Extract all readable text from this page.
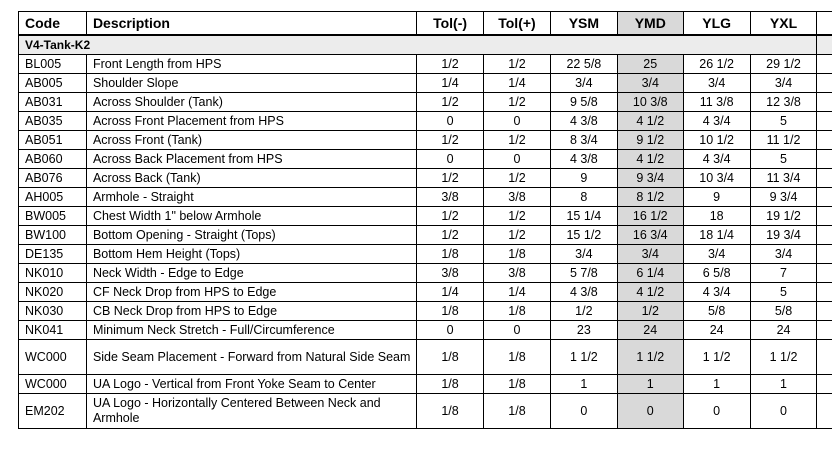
Code	Description	Tol(-)	Tol(+)	YSM	YMD	YLG	YXL	
V4-Tank-K2								
BL005	Front Length from HPS	1/2	1/2	22 5/8	25	26 1/2	29 1/2	
AB005	Shoulder Slope	1/4	1/4	3/4	3/4	3/4	3/4	
AB031	Across Shoulder (Tank)	1/2	1/2	9 5/8	10 3/8	11 3/8	12 3/8	
AB035	Across Front Placement from HPS	0	0	4 3/8	4 1/2	4 3/4	5	
AB051	Across Front (Tank)	1/2	1/2	8 3/4	9 1/2	10 1/2	11 1/2	
AB060	Across Back Placement from HPS	0	0	4 3/8	4 1/2	4 3/4	5	
AB076	Across Back (Tank)	1/2	1/2	9	9 3/4	10 3/4	11 3/4	
AH005	Armhole - Straight	3/8	3/8	8	8 1/2	9	9 3/4	
BW005	Chest Width 1" below Armhole	1/2	1/2	15 1/4	16 1/2	18	19 1/2	
BW100	Bottom Opening - Straight (Tops)	1/2	1/2	15 1/2	16 3/4	18 1/4	19 3/4	
DE135	Bottom Hem Height (Tops)	1/8	1/8	3/4	3/4	3/4	3/4	
NK010	Neck Width - Edge to Edge	3/8	3/8	5 7/8	6 1/4	6 5/8	7	
NK020	CF Neck Drop from HPS to Edge	1/4	1/4	4 3/8	4 1/2	4 3/4	5	
NK030	CB Neck Drop from HPS to Edge	1/8	1/8	1/2	1/2	5/8	5/8	
NK041	Minimum Neck Stretch - Full/Circumference	0	0	23	24	24	24	
WC000	Side Seam Placement - Forward from Natural Side Seam	1/8	1/8	1 1/2	1 1/2	1 1/2	1 1/2	
WC000	UA Logo - Vertical from Front Yoke Seam to Center	1/8	1/8	1	1	1	1	
EM202	UA Logo - Horizontally Centered Between Neck and Armhole	1/8	1/8	0	0	0	0	
